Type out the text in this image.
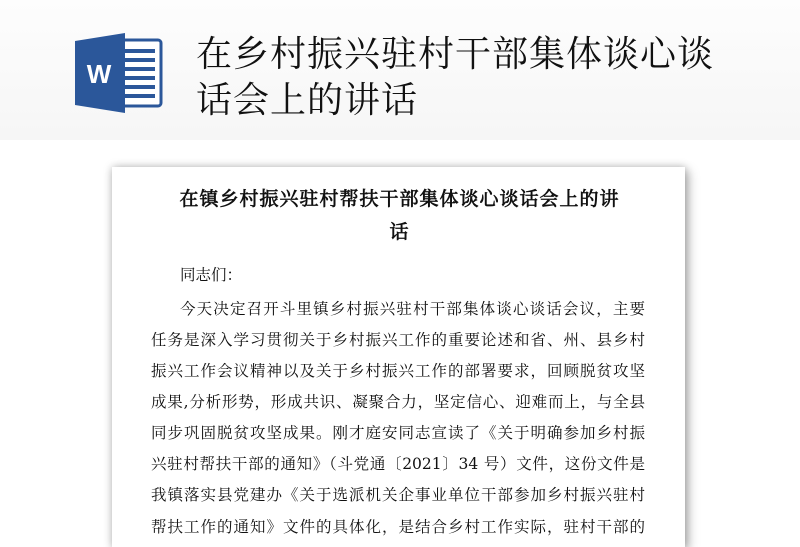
W 在乡村振兴驻村干部集体谈心谈
话会上的讲话
在镇乡村振兴驻村帮扶干部集体谈心谈话会上的讲
话
同志们：
今天决定召开斗里镇乡村振兴驻村干部集体谈心谈话会议，主要
任务是深入学习贯彻关于乡村振兴工作的重要论述和省、州、县乡村
振兴工作会议精神以及关于乡村振兴工作的部署要求，回顾脱贫攻坚
成果,分析形势，形成共识、凝聚合力，坚定信心、迎难而上，与全县
同步巩固脱贫攻坚成果。刚才庭安同志宣读了《关于明确参加乡村振
兴驻村帮扶干部的通知》（斗党通〔2021〕34 号）文件，这份文件是
我镇落实县党建办《关于选派机关企事业单位干部参加乡村振兴驻村
帮扶工作的通知》文件的具体化，是结合乡村工作实际，驻村干部的
